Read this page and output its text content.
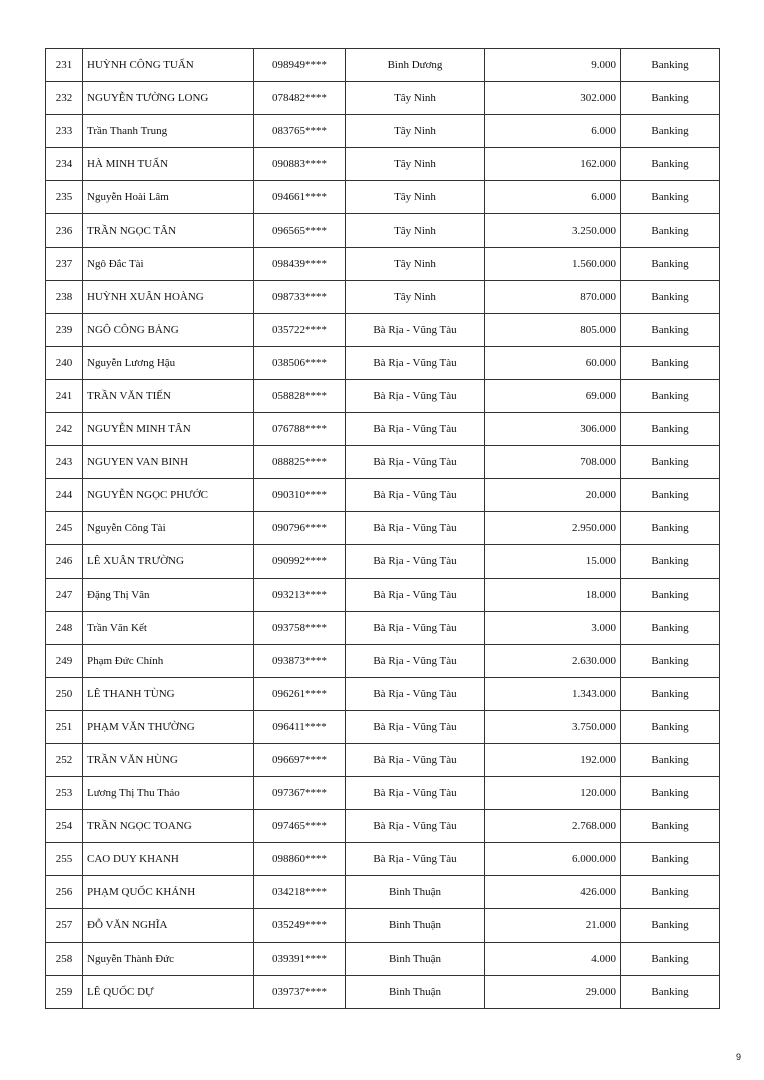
231	HUỲNH CÔNG TUẤN	098949****	Bình Dương	9.000	Banking
232	NGUYỄN TƯỜNG LONG	078482****	Tây Ninh	302.000	Banking
233	Trần Thanh Trung	083765****	Tây Ninh	6.000	Banking
234	HÀ MINH TUẤN	090883****	Tây Ninh	162.000	Banking
235	Nguyễn Hoài Lâm	094661****	Tây Ninh	6.000	Banking
236	TRẦN NGỌC TÂN	096565****	Tây Ninh	3.250.000	Banking
237	Ngô Đắc Tài	098439****	Tây Ninh	1.560.000	Banking
238	HUỲNH XUÂN HOÀNG	098733****	Tây Ninh	870.000	Banking
239	NGÔ CÔNG BẢNG	035722****	Bà Rịa - Vũng Tàu	805.000	Banking
240	Nguyễn Lương Hậu	038506****	Bà Rịa - Vũng Tàu	60.000	Banking
241	TRẦN VĂN TIẾN	058828****	Bà Rịa - Vũng Tàu	69.000	Banking
242	NGUYỄN MINH TÂN	076788****	Bà Rịa - Vũng Tàu	306.000	Banking
243	NGUYEN VAN BINH	088825****	Bà Rịa - Vũng Tàu	708.000	Banking
244	NGUYỄN NGỌC PHƯỚC	090310****	Bà Rịa - Vũng Tàu	20.000	Banking
245	Nguyễn Công Tài	090796****	Bà Rịa - Vũng Tàu	2.950.000	Banking
246	LÊ XUÂN TRƯỜNG	090992****	Bà Rịa - Vũng Tàu	15.000	Banking
247	Đặng Thị Vân	093213****	Bà Rịa - Vũng Tàu	18.000	Banking
248	Trần Văn Kết	093758****	Bà Rịa - Vũng Tàu	3.000	Banking
249	Phạm Đức Chính	093873****	Bà Rịa - Vũng Tàu	2.630.000	Banking
250	LÊ THANH TÙNG	096261****	Bà Rịa - Vũng Tàu	1.343.000	Banking
251	PHẠM VĂN THƯỜNG	096411****	Bà Rịa - Vũng Tàu	3.750.000	Banking
252	TRẦN VĂN HÙNG	096697****	Bà Rịa - Vũng Tàu	192.000	Banking
253	Lương Thị Thu Thảo	097367****	Bà Rịa - Vũng Tàu	120.000	Banking
254	TRẦN NGỌC TOANG	097465****	Bà Rịa - Vũng Tàu	2.768.000	Banking
255	CAO DUY KHANH	098860****	Bà Rịa - Vũng Tàu	6.000.000	Banking
256	PHẠM QUỐC KHÁNH	034218****	Bình Thuận	426.000	Banking
257	ĐỖ VĂN NGHĨA	035249****	Bình Thuận	21.000	Banking
258	Nguyễn Thành Đức	039391****	Bình Thuận	4.000	Banking
259	LÊ QUỐC DỰ	039737****	Bình Thuận	29.000	Banking
9
